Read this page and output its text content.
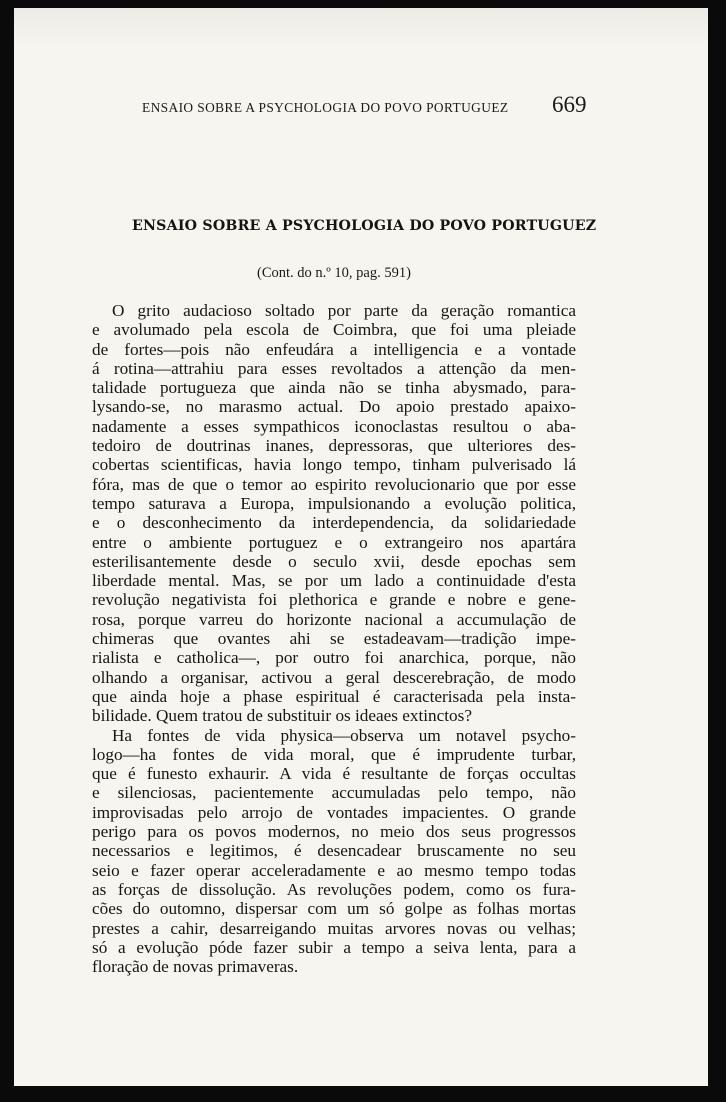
ENSAIO SOBRE A PSYCHOLOGIA DO POVO PORTUGUEZ	669
ENSAIO SOBRE A PSYCHOLOGIA DO POVO PORTUGUEZ
(Cont. do n.º 10, pag. 591)
O grito audacioso soltado por parte da geração romantica
e avolumado pela escola de Coimbra, que foi uma pleiade
de fortes—pois não enfeudára a intelligencia e a vontade
á rotina—attrahiu para esses revoltados a attenção da men-
talidade portugueza que ainda não se tinha abysmado, para-
lysando-se, no marasmo actual. Do apoio prestado apaixo-
nadamente a esses sympathicos iconoclastas resultou o aba-
tedoiro de doutrinas inanes, depressoras, que ulteriores des-
cobertas scientificas, havia longo tempo, tinham pulverisado lá
fóra, mas de que o temor ao espirito revolucionario que por esse
tempo saturava a Europa, impulsionando a evolução politica,
e o desconhecimento da interdependencia, da solidariedade
entre o ambiente portuguez e o extrangeiro nos apartára
esterilisantemente desde o seculo xvii, desde epochas sem
liberdade mental. Mas, se por um lado a continuidade d'esta
revolução negativista foi plethorica e grande e nobre e gene-
rosa, porque varreu do horizonte nacional a accumulação de
chimeras que ovantes ahi se estadeavam—tradição impe-
rialista e catholica—, por outro foi anarchica, porque, não
olhando a organisar, activou a geral descerebração, de modo
que ainda hoje a phase espiritual é caracterisada pela insta-
bilidade. Quem tratou de substituir os ideaes extinctos?
Ha fontes de vida physica—observa um notavel psycho-
logo—ha fontes de vida moral, que é imprudente turbar,
que é funesto exhaurir. A vida é resultante de forças occultas
e silenciosas, pacientemente accumuladas pelo tempo, não
improvisadas pelo arrojo de vontades impacientes. O grande
perigo para os povos modernos, no meio dos seus progressos
necessarios e legitimos, é desencadear bruscamente no seu
seio e fazer operar acceleradamente e ao mesmo tempo todas
as forças de dissolução. As revoluções podem, como os fura-
cões do outomno, dispersar com um só golpe as folhas mortas
prestes a cahir, desarreigando muitas arvores novas ou velhas;
só a evolução póde fazer subir a tempo a seiva lenta, para a
floração de novas primaveras.
